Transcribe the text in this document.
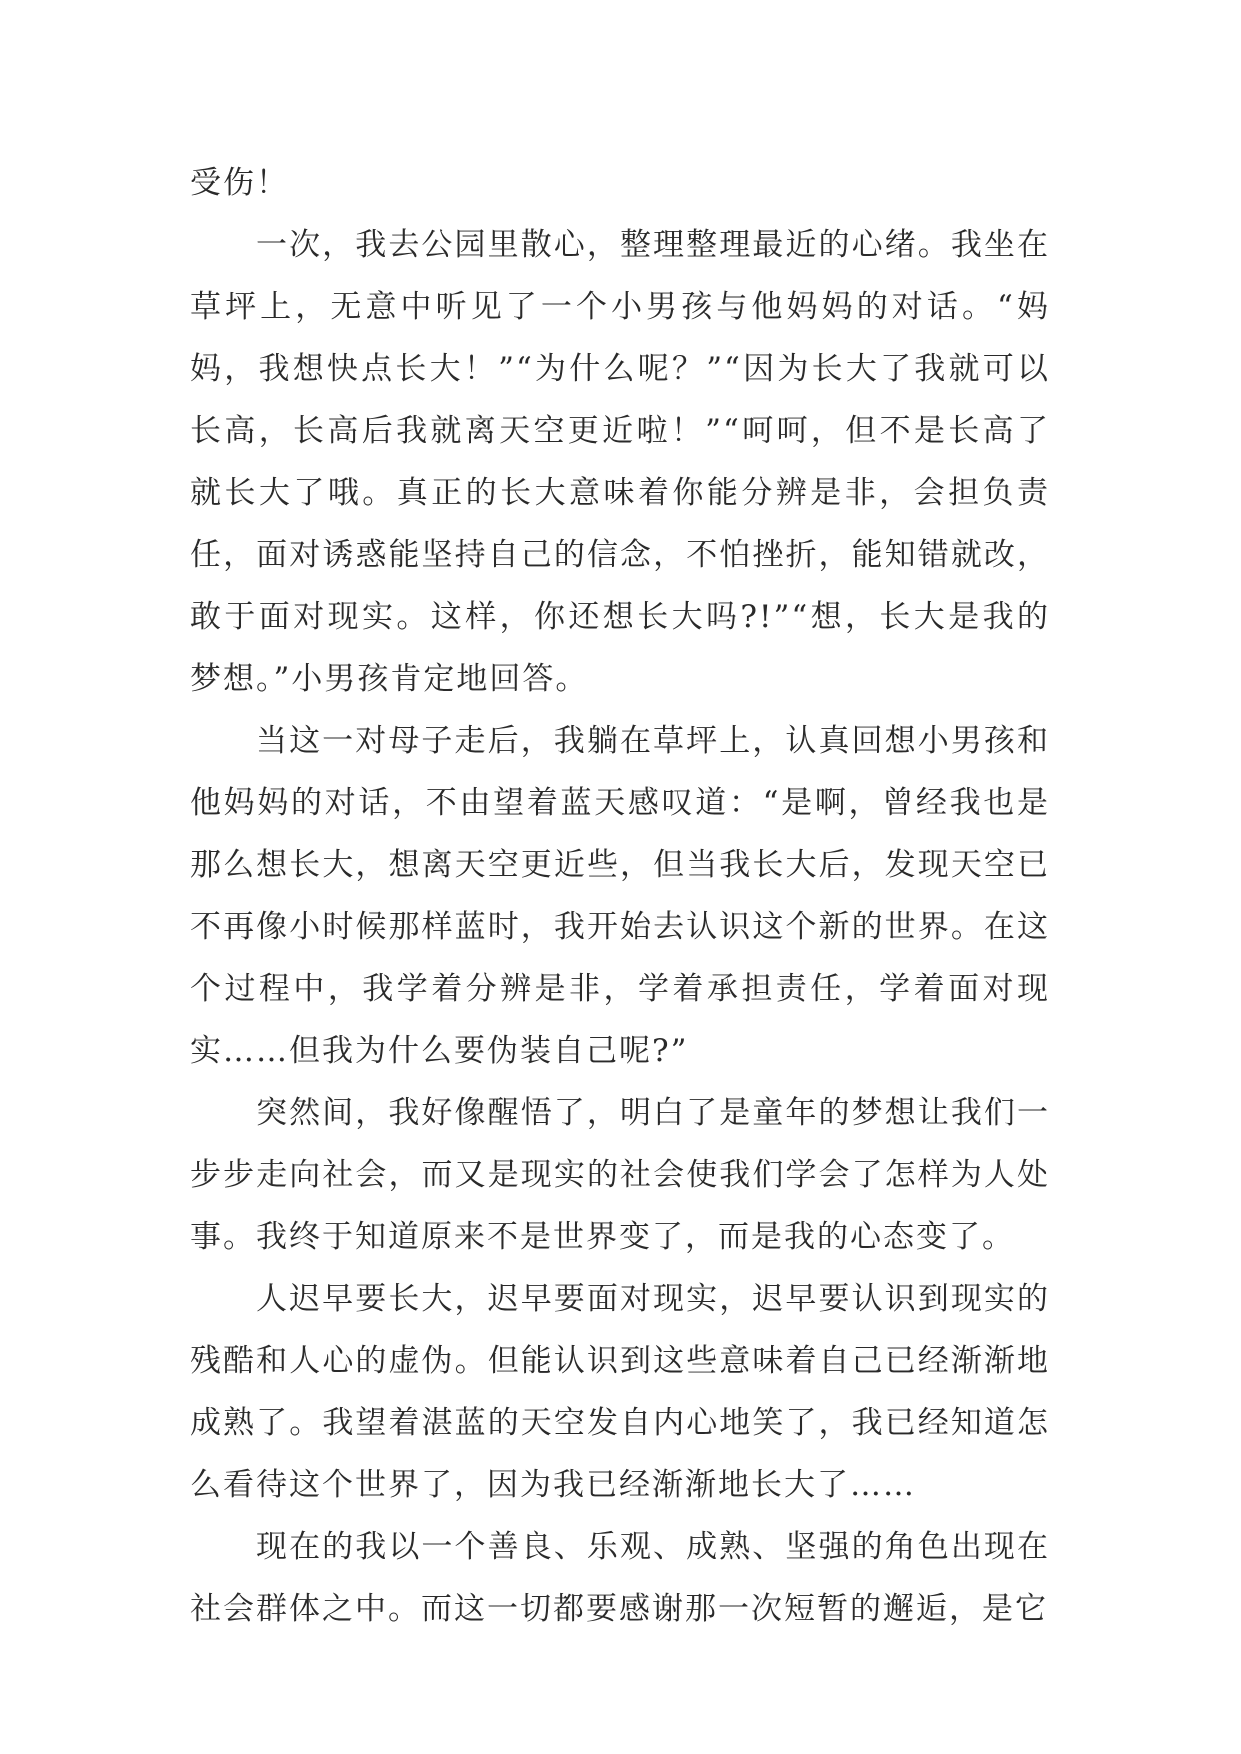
受伤！

一次，我去公园里散心，整理整理最近的心绪。我坐在草坪上，无意中听见了一个小男孩与他妈妈的对话。“妈妈，我想快点长大！”“为什么呢？”“因为长大了我就可以长高，长高后我就离天空更近啦！”“呵呵，但不是长高了就长大了哦。真正的长大意味着你能分辨是非，会担负责任，面对诱惑能坚持自己的信念，不怕挫折，能知错就改，敢于面对现实。这样，你还想长大吗?!”“想，长大是我的梦想。”小男孩肯定地回答。

当这一对母子走后，我躺在草坪上，认真回想小男孩和他妈妈的对话，不由望着蓝天感叹道：“是啊，曾经我也是那么想长大，想离天空更近些，但当我长大后，发现天空已不再像小时候那样蓝时，我开始去认识这个新的世界。在这个过程中，我学着分辨是非，学着承担责任，学着面对现实……但我为什么要伪装自己呢?”

突然间，我好像醒悟了，明白了是童年的梦想让我们一步步走向社会，而又是现实的社会使我们学会了怎样为人处事。我终于知道原来不是世界变了，而是我的心态变了。

人迟早要长大，迟早要面对现实，迟早要认识到现实的残酷和人心的虚伪。但能认识到这些意味着自己已经渐渐地成熟了。我望着湛蓝的天空发自内心地笑了，我已经知道怎么看待这个世界了，因为我已经渐渐地长大了……

现在的我以一个善良、乐观、成熟、坚强的角色出现在社会群体之中。而这一切都要感谢那一次短暂的邂逅，是它
